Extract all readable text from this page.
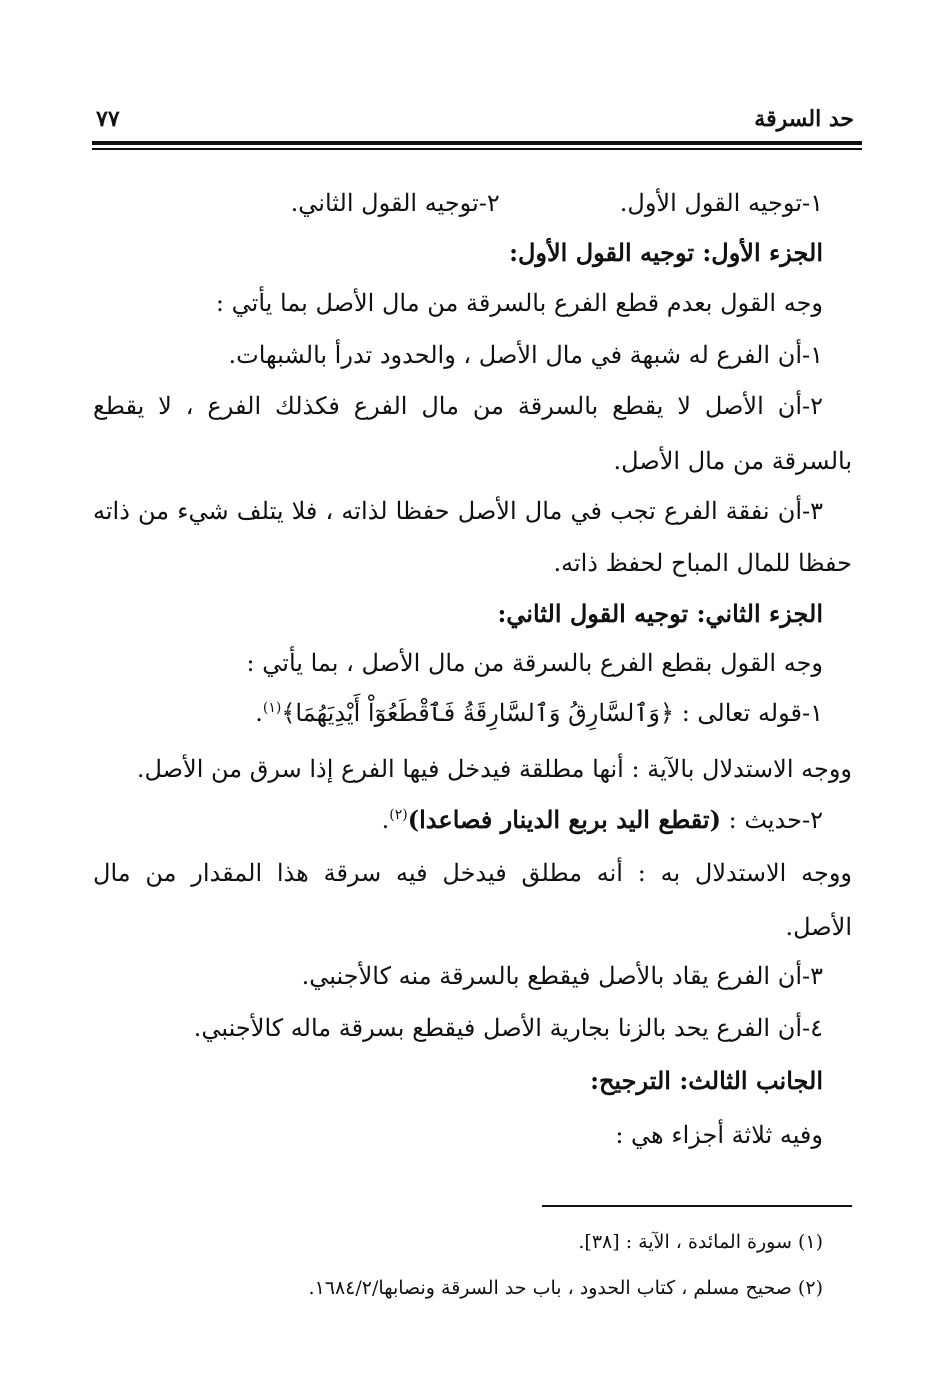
حد السرقة
٧٧
١-توجيه القول الأول.٢-توجيه القول الثاني.
الجزء الأول: توجيه القول الأول:
وجه القول بعدم قطع الفرع بالسرقة من مال الأصل بما يأتي :
١-أن الفرع له شبهة في مال الأصل ، والحدود تدرأ بالشبهات.
٢-أن الأصل لا يقطع بالسرقة من مال الفرع فكذلك الفرع ، لا يقطع
بالسرقة من مال الأصل.
٣-أن نفقة الفرع تجب في مال الأصل حفظا لذاته ، فلا يتلف شيء من ذاته
حفظا للمال المباح لحفظ ذاته.
الجزء الثاني: توجيه القول الثاني:
وجه القول بقطع الفرع بالسرقة من مال الأصل ، بما يأتي :
١-قوله تعالى : ﴿وَٱلسَّارِقُ وَٱلسَّارِقَةُ فَٱقْطَعُوٓاْ أَيْدِيَهُمَا﴾$^{(١)}$.
ووجه الاستدلال بالآية : أنها مطلقة فيدخل فيها الفرع إذا سرق من الأصل.
٢-حديث : (تقطع اليد بربع الدينار فصاعدا)$^{(٢)}$.
ووجه الاستدلال به : أنه مطلق فيدخل فيه سرقة هذا المقدار من مال
الأصل.
٣-أن الفرع يقاد بالأصل فيقطع بالسرقة منه كالأجنبي.
٤-أن الفرع يحد بالزنا بجارية الأصل فيقطع بسرقة ماله كالأجنبي.
الجانب الثالث: الترجيح:
وفيه ثلاثة أجزاء هي :
(١) سورة المائدة ، الآية : [٣٨].
(٢) صحيح مسلم ، كتاب الحدود ، باب حد السرقة ونصابها/١٦٨٤/٢.
